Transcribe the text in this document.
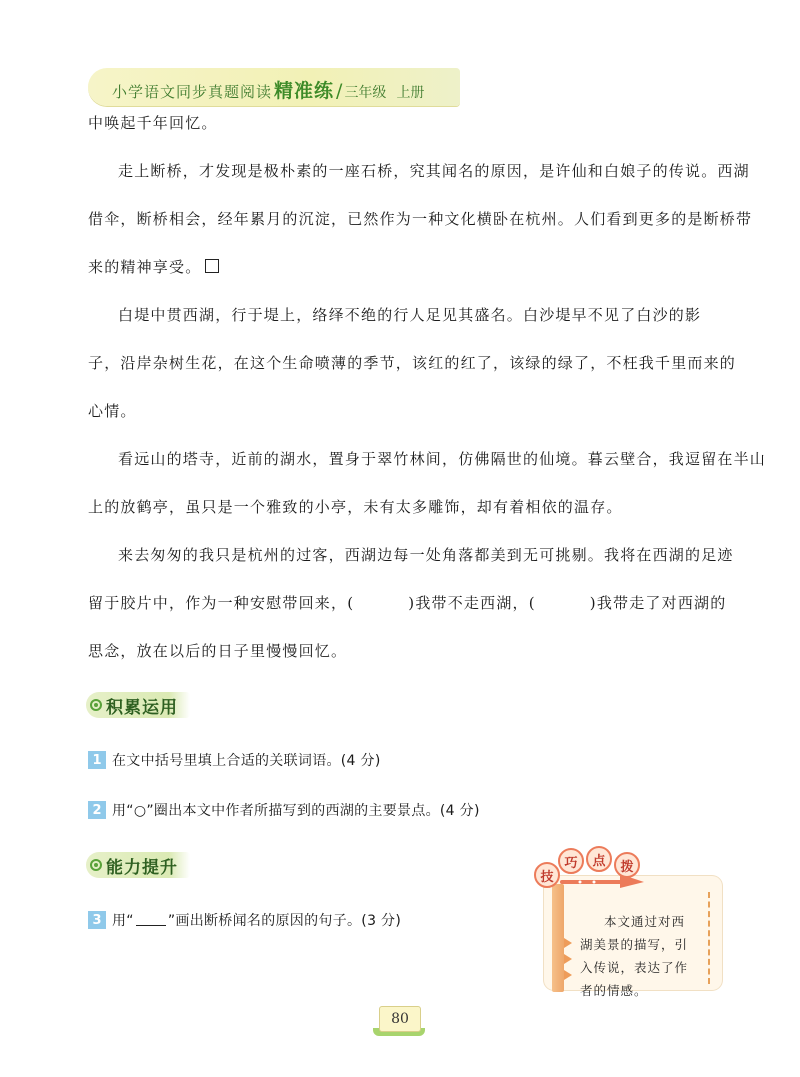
小学语文同步真题阅读 精准练 / 三年级 上册
中唤起千年回忆。
走上断桥，才发现是极朴素的一座石桥，究其闻名的原因，是许仙和白娘子的传说。西湖
借伞，断桥相会，经年累月的沉淀，已然作为一种文化横卧在杭州。人们看到更多的是断桥带
来的精神享受。
白堤中贯西湖，行于堤上，络绎不绝的行人足见其盛名。白沙堤早不见了白沙的影
子，沿岸杂树生花，在这个生命喷薄的季节，该红的红了，该绿的绿了，不枉我千里而来的
心情。
看远山的塔寺，近前的湖水，置身于翠竹林间，仿佛隔世的仙境。暮云壁合，我逗留在半山
上的放鹤亭，虽只是一个雅致的小亭，未有太多雕饰，却有着相依的温存。
来去匆匆的我只是杭州的过客，西湖边每一处角落都美到无可挑剔。我将在西湖的足迹
留于胶片中，作为一种安慰带回来，(	)我带不走西湖，(	)我带走了对西湖的
思念，放在以后的日子里慢慢回忆。
积累运用
1 在文中括号里填上合适的关联词语。(4 分)
2 用“○”圈出本文中作者所描写到的西湖的主要景点。(4 分)
能力提升
3 用“ ”画出断桥闻名的原因的句子。(3 分)
技
巧	点	拨
本文通过对西
湖美景的描写，引
入传说，表达了作
者的情感。
80
